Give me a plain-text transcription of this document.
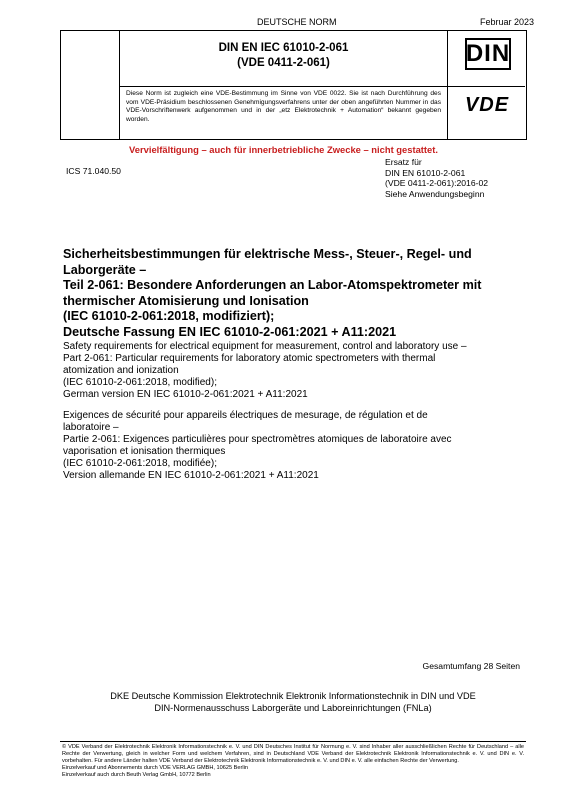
DEUTSCHE NORM	Februar 2023
DIN EN IEC 61010-2-061
(VDE 0411-2-061)	DIN
Diese Norm ist zugleich eine VDE-Bestimmung im Sinne von VDE 0022. Sie ist nach Durchführung des vom VDE-Präsidium beschlossenen Genehmigungsverfahrens unter der oben angeführten Nummer in das VDE-Vorschriftenwerk aufgenommen und in der „etz Elektrotechnik + Automation“ bekannt gegeben worden.
VDE
Vervielfältigung – auch für innerbetriebliche Zwecke – nicht gestattet.
ICS 71.040.50
Ersatz für
DIN EN 61010-2-061
(VDE 0411-2-061):2016-02
Siehe Anwendungsbeginn
Sicherheitsbestimmungen für elektrische Mess-, Steuer-, Regel- und
Laborgeräte –
Teil 2-061: Besondere Anforderungen an Labor-Atomspektrometer mit
thermischer Atomisierung und Ionisation
(IEC 61010-2-061:2018, modifiziert);
Deutsche Fassung EN IEC 61010-2-061:2021 + A11:2021
Safety requirements for electrical equipment for measurement, control and laboratory use –
Part 2-061: Particular requirements for laboratory atomic spectrometers with thermal
atomization and ionization
(IEC 61010-2-061:2018, modified);
German version EN IEC 61010-2-061:2021 + A11:2021
Exigences de sécurité pour appareils électriques de mesurage, de régulation et de
laboratoire –
Partie 2-061: Exigences particulières pour spectromètres atomiques de laboratoire avec
vaporisation et ionisation thermiques
(IEC 61010-2-061:2018, modifiée);
Version allemande EN IEC 61010-2-061:2021 + A11:2021
Gesamtumfang 28 Seiten
DKE Deutsche Kommission Elektrotechnik Elektronik Informationstechnik in DIN und VDE
DIN-Normenausschuss Laborgeräte und Laboreinrichtungen (FNLa)
© VDE Verband der Elektrotechnik Elektronik Informationstechnik e. V. und DIN Deutsches Institut für Normung e. V. sind Inhaber aller ausschließlichen Rechte für Deutschland – alle Rechte der Verwertung, gleich in welcher Form und welchem Verfahren, sind in Deutschland VDE Verband der Elektrotechnik Elektronik Informationstechnik e. V. und DIN e. V. vorbehalten. Für andere Länder halten VDE Verband der Elektrotechnik Elektronik Informationstechnik e. V. und DIN e. V. alle einfachen Rechte der Verwertung.
Einzelverkauf und Abonnements durch VDE VERLAG GMBH, 10625 Berlin
Einzelverkauf auch durch Beuth Verlag GmbH, 10772 Berlin
